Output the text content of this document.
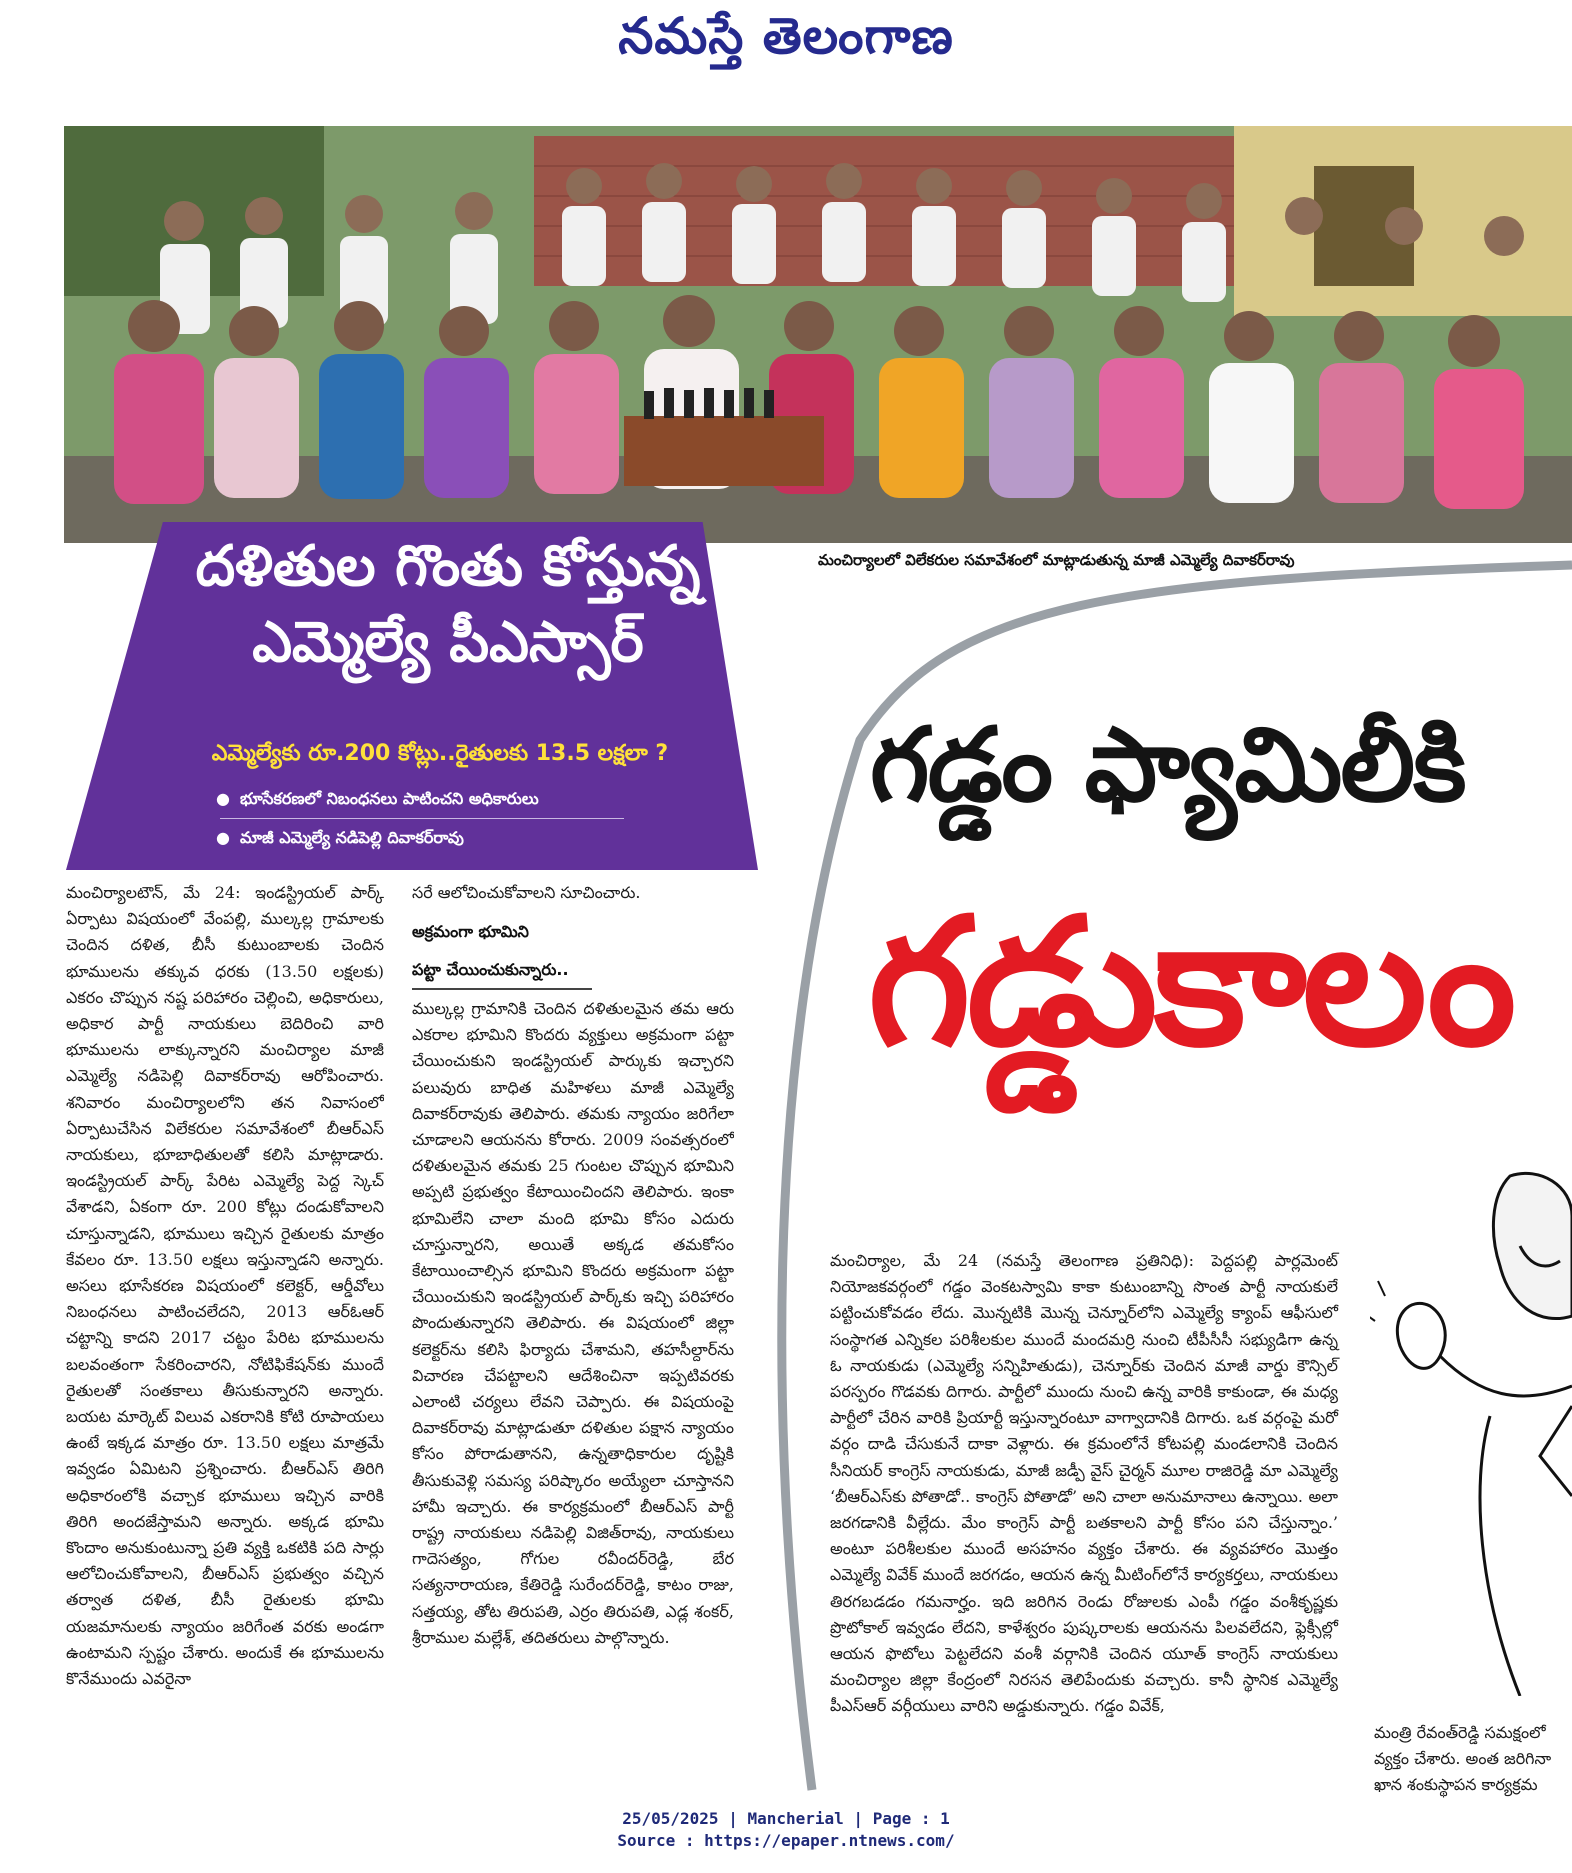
నమస్తే తెలంగాణ
మంచిర్యాలలో విలేకరుల సమావేశంలో మాట్లాడుతున్న మాజీ ఎమ్మెల్యే దివాకర్‌రావు
దళితుల గొంతు కోస్తున్న
ఎమ్మెల్యే పీఎస్సార్
ఎమ్మెల్యేకు రూ.200 కోట్లు..రైతులకు 13.5 లక్షలా ?
● భూసేకరణలో నిబంధనలు పాటించని అధికారులు
● మాజీ ఎమ్మెల్యే నడిపెల్లి దివాకర్‌రావు
మంచిర్యాలటౌన్, మే 24: ఇండస్ట్రియల్ పార్క్ ఏర్పాటు విషయంలో వేంపల్లి, ముల్కల్ల గ్రామాలకు చెందిన దళిత, బీసీ కుటుంబాలకు చెందిన భూములను తక్కువ ధరకు (13.50 లక్షలకు) ఎకరం చొప్పున నష్ట పరిహారం చెల్లించి, అధికారులు, అధికార పార్టీ నాయకులు బెదిరించి వారి భూములను లాక్కున్నారని మంచిర్యాల మాజీ ఎమ్మెల్యే నడిపెల్లి దివాకర్‌రావు ఆరోపించారు. శనివారం మంచిర్యాలలోని తన నివాసంలో ఏర్పాటుచేసిన విలేకరుల సమావేశంలో బీఆర్ఎస్ నాయకులు, భూబాధితులతో కలిసి మాట్లాడారు. ఇండస్ట్రియల్ పార్క్ పేరిట ఎమ్మెల్యే పెద్ద స్కెచ్ వేశాడని, ఏకంగా రూ. 200 కోట్లు దండుకోవాలని చూస్తున్నాడని, భూములు ఇచ్చిన రైతులకు మాత్రం కేవలం రూ. 13.50 లక్షలు ఇస్తున్నాడని అన్నారు. అసలు భూసేకరణ విషయంలో కలెక్టర్, ఆర్డీవోలు నిబంధనలు పాటించలేదని, 2013 ఆర్ఓఆర్ చట్టాన్ని కాదని 2017 చట్టం పేరిట భూములను బలవంతంగా సేకరించారని, నోటిఫికేషన్‌కు ముందే రైతులతో సంతకాలు తీసుకున్నారని అన్నారు. బయట మార్కెట్ విలువ ఎకరానికి కోటి రూపాయలు ఉంటే ఇక్కడ మాత్రం రూ. 13.50 లక్షలు మాత్రమే ఇవ్వడం ఏమిటని ప్రశ్నించారు. బీఆర్ఎస్ తిరిగి అధికారంలోకి వచ్చాక భూములు ఇచ్చిన వారికి తిరిగి అందజేస్తామని అన్నారు. అక్కడ భూమి కొందాం అనుకుంటున్నా ప్రతి వ్యక్తి ఒకటికి పది సార్లు ఆలోచించుకోవాలని, బీఆర్ఎస్ ప్రభుత్వం వచ్చిన తర్వాత దళిత, బీసీ రైతులకు భూమి యజమానులకు న్యాయం జరిగేంత వరకు అండగా ఉంటామని స్పష్టం చేశారు. అందుకే ఈ భూములను కొనేముందు ఎవరైనా
సరే ఆలోచించుకోవాలని సూచించారు.
అక్రమంగా భూమిని
పట్టా చేయించుకున్నారు..
ముల్కల్ల గ్రామానికి చెందిన దళితులమైన తమ ఆరు ఎకరాల భూమిని కొందరు వ్యక్తులు అక్రమంగా పట్టా చేయించుకుని ఇండస్ట్రియల్ పార్కుకు ఇచ్చారని పలువురు బాధిత మహిళలు మాజీ ఎమ్మెల్యే దివాకర్‌రావుకు తెలిపారు. తమకు న్యాయం జరిగేలా చూడాలని ఆయనను కోరారు. 2009 సంవత్సరంలో దళితులమైన తమకు 25 గుంటల చొప్పున భూమిని అప్పటి ప్రభుత్వం కేటాయించిందని తెలిపారు. ఇంకా భూమిలేని చాలా మంది భూమి కోసం ఎదురు చూస్తున్నారని, అయితే అక్కడ తమకోసం కేటాయించాల్సిన భూమిని కొందరు అక్రమంగా పట్టా చేయించుకుని ఇండస్ట్రియల్ పార్క్‌కు ఇచ్చి పరిహారం పొందుతున్నారని తెలిపారు. ఈ విషయంలో జిల్లా కలెక్టర్‌ను కలిసి ఫిర్యాదు చేశామని, తహసీల్దార్‌ను విచారణ చేపట్టాలని ఆదేశించినా ఇప్పటివరకు ఎలాంటి చర్యలు లేవని చెప్పారు. ఈ విషయంపై దివాకర్‌రావు మాట్లాడుతూ దళితుల పక్షాన న్యాయం కోసం పోరాడుతానని, ఉన్నతాధికారుల దృష్టికి తీసుకువెళ్లి సమస్య పరిష్కారం అయ్యేలా చూస్తానని హామీ ఇచ్చారు. ఈ కార్యక్రమంలో బీఆర్ఎస్ పార్టీ రాష్ట్ర నాయకులు నడిపెల్లి విజిత్‌రావు, నాయకులు గాదెసత్యం, గోగుల రవీందర్‌రెడ్డి, బేర సత్యనారాయణ, కేతిరెడ్డి సురేందర్‌రెడ్డి, కాటం రాజు, సత్తయ్య, తోట తిరుపతి, ఎర్రం తిరుపతి, ఎడ్ల శంకర్, శ్రీరాముల మల్లేశ్, తదితరులు పాల్గొన్నారు.
గడ్డం ఫ్యామిలీకి
గడ్డుకాలం
మంచిర్యాల, మే 24 (నమస్తే తెలంగాణ ప్రతినిధి): పెద్దపల్లి పార్లమెంట్ నియోజకవర్గంలో గడ్డం వెంకటస్వామి కాకా కుటుంబాన్ని సొంత పార్టీ నాయకులే పట్టించుకోవడం లేదు. మొన్నటికి మొన్న చెన్నూర్‌లోని ఎమ్మెల్యే క్యాంప్ ఆఫీసులో సంస్థాగత ఎన్నికల పరిశీలకుల ముందే మందమర్రి నుంచి టీపీసీసీ సభ్యుడిగా ఉన్న ఓ నాయకుడు (ఎమ్మెల్యే సన్నిహితుడు), చెన్నూర్‌కు చెందిన మాజీ వార్డు కౌన్సిల్ పరస్పరం గొడవకు దిగారు. పార్టీలో ముందు నుంచి ఉన్న వారికి కాకుండా, ఈ మధ్య పార్టీలో చేరిన వారికి ప్రియార్టీ ఇస్తున్నారంటూ వాగ్వాదానికి దిగారు. ఒక వర్గంపై మరో వర్గం దాడి చేసుకునే దాకా వెళ్లారు. ఈ క్రమంలోనే కోటపల్లి మండలానికి చెందిన సీనియర్ కాంగ్రెస్ నాయకుడు, మాజీ జడ్పీ వైస్ చైర్మన్ మూల రాజిరెడ్డి మా ఎమ్మెల్యే ‘బీఆర్ఎస్‌కు పోతాడో.. కాంగ్రెస్ పోతాడో’ అని చాలా అనుమానాలు ఉన్నాయి. అలా జరగడానికి వీల్లేదు. మేం కాంగ్రెస్ పార్టీ బతకాలని పార్టీ కోసం పని చేస్తున్నాం.’ అంటూ పరిశీలకుల ముందే అసహనం వ్యక్తం చేశారు. ఈ వ్యవహారం మొత్తం ఎమ్మెల్యే వివేక్ ముందే జరగడం, ఆయన ఉన్న మీటింగ్‌లోనే కార్యకర్తలు, నాయకులు తిరగబడడం గమనార్హం. ఇది జరిగిన రెండు రోజులకు ఎంపీ గడ్డం వంశీకృష్ణకు ప్రొటోకాల్ ఇవ్వడం లేదని, కాళేశ్వరం పుష్కరాలకు ఆయనను పిలవలేదని, ఫ్లెక్సీల్లో ఆయన ఫొటోలు పెట్టలేదని వంశీ వర్గానికి చెందిన యూత్ కాంగ్రెస్ నాయకులు మంచిర్యాల జిల్లా కేంద్రంలో నిరసన తెలిపేందుకు వచ్చారు. కానీ స్థానిక ఎమ్మెల్యే పీఎస్ఆర్ వర్గీయులు వారిని అడ్డుకున్నారు. గడ్డం వివేక్,
మంత్రి రేవంత్‌రెడ్డి సమక్షంలో
వ్యక్తం చేశారు. అంత జరిగినా
ఖాన శంకుస్థాపన కార్యక్రమ
25/05/2025 | Mancherial | Page : 1
Source : https://epaper.ntnews.com/
